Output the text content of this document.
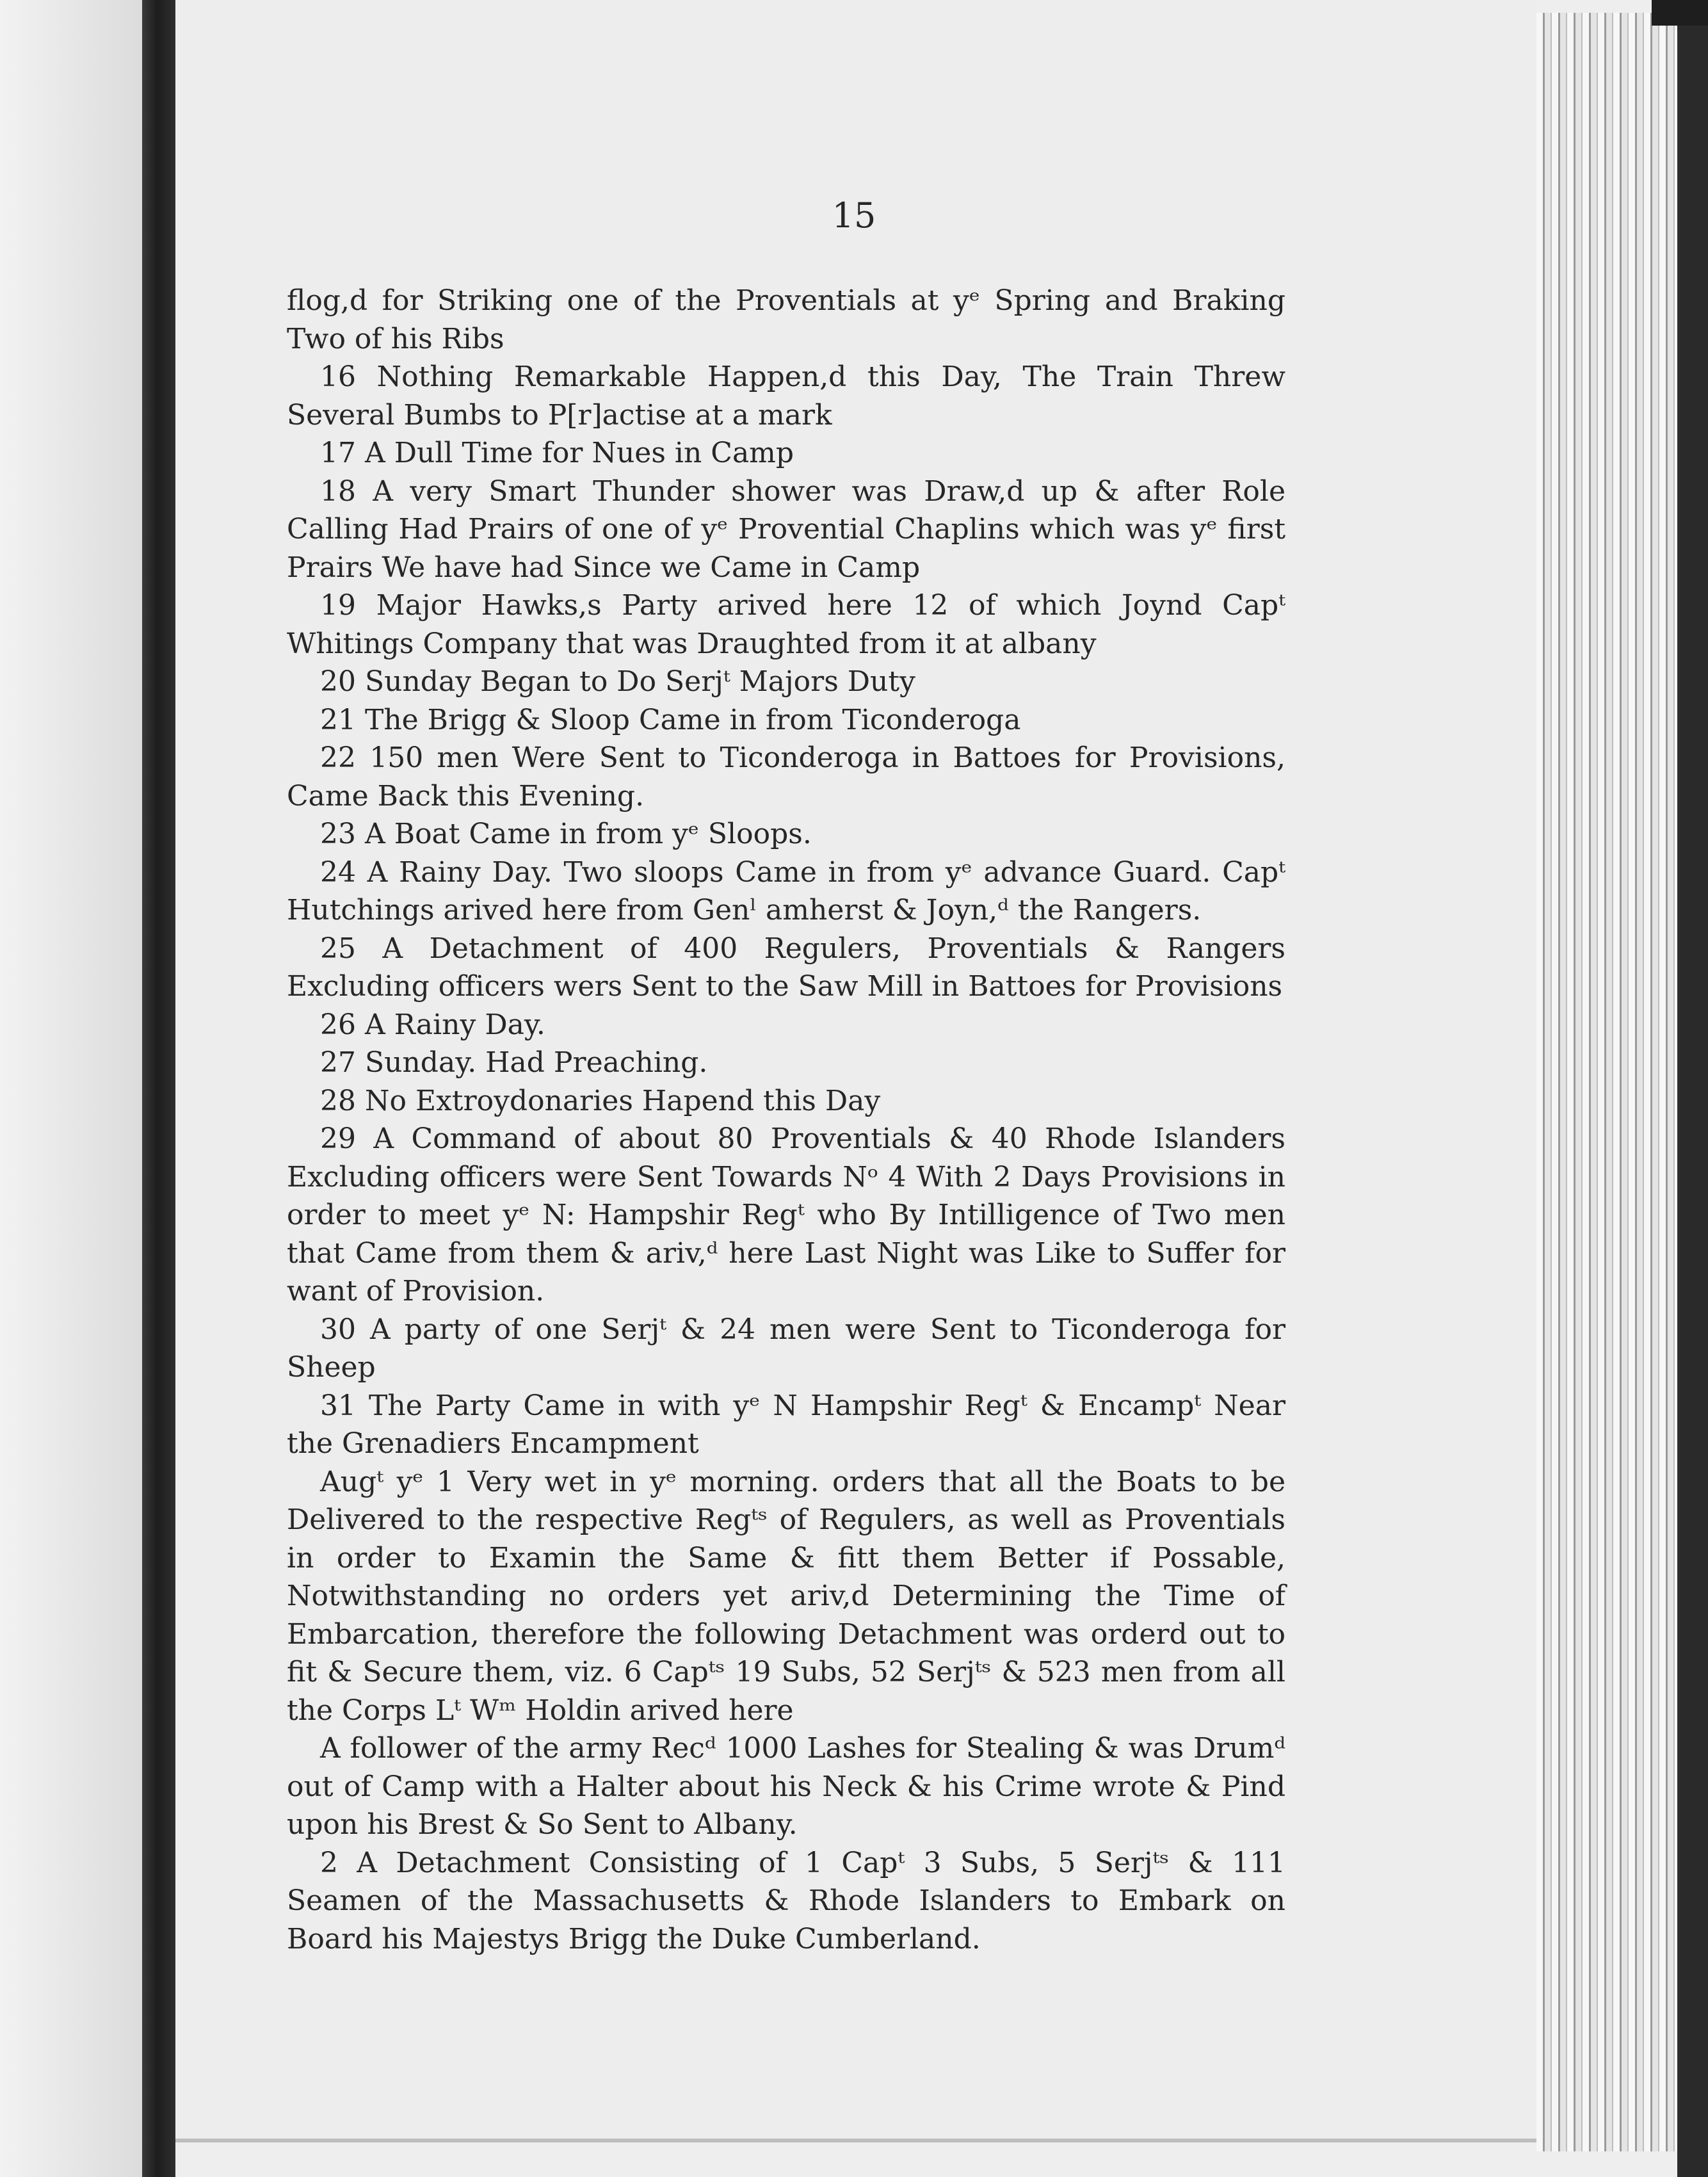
15

flog,d for Striking one of the Proventials at yᵉ Spring and Braking Two of his Ribs

16 Nothing Remarkable Happen,d this Day, The Train Threw Several Bumbs to P[r]actise at a mark

17 A Dull Time for Nues in Camp

18 A very Smart Thunder shower was Draw,d up & after Role Calling Had Prairs of one of yᵉ Provential Chaplins which was yᵉ first Prairs We have had Since we Came in Camp

19 Major Hawks,s Party arived here 12 of which Joynd Capᵗ Whitings Company that was Draughted from it at albany

20 Sunday Began to Do Serjᵗ Majors Duty

21 The Brigg & Sloop Came in from Ticonderoga

22 150 men Were Sent to Ticonderoga in Battoes for Provisions, Came Back this Evening.

23 A Boat Came in from yᵉ Sloops.

24 A Rainy Day. Two sloops Came in from yᵉ advance Guard. Capᵗ Hutchings arived here from Genˡ amherst & Joyn,ᵈ the Rangers.

25 A Detachment of 400 Regulers, Proventials & Rangers Excluding officers wers Sent to the Saw Mill in Battoes for Provisions

26 A Rainy Day.

27 Sunday. Had Preaching.

28 No Extroydonaries Hapend this Day

29 A Command of about 80 Proventials & 40 Rhode Islanders Excluding officers were Sent Towards Nᵒ 4 With 2 Days Provisions in order to meet yᵉ N: Hampshir Regᵗ who By Intilligence of Two men that Came from them & ariv,ᵈ here Last Night was Like to Suffer for want of Provision.

30 A party of one Serjᵗ & 24 men were Sent to Ticonderoga for Sheep

31 The Party Came in with yᵉ N Hampshir Regᵗ & Encampᵗ Near the Grenadiers Encampment

Augᵗ yᵉ 1 Very wet in yᵉ morning. orders that all the Boats to be Delivered to the respective Regᵗˢ of Regulers, as well as Proventials in order to Examin the Same & fitt them Better if Possable, Notwithstanding no orders yet ariv,d Determining the Time of Embarcation, therefore the following Detachment was orderd out to fit & Secure them, viz. 6 Capᵗˢ 19 Subs, 52 Serjᵗˢ & 523 men from all the Corps Lᵗ Wᵐ Holdin arived here

A follower of the army Recᵈ 1000 Lashes for Stealing & was Drumᵈ out of Camp with a Halter about his Neck & his Crime wrote & Pind upon his Brest & So Sent to Albany.

2 A Detachment Consisting of 1 Capᵗ 3 Subs, 5 Serjᵗˢ & 111 Seamen of the Massachusetts & Rhode Islanders to Embark on Board his Majestys Brigg the Duke Cumberland.
